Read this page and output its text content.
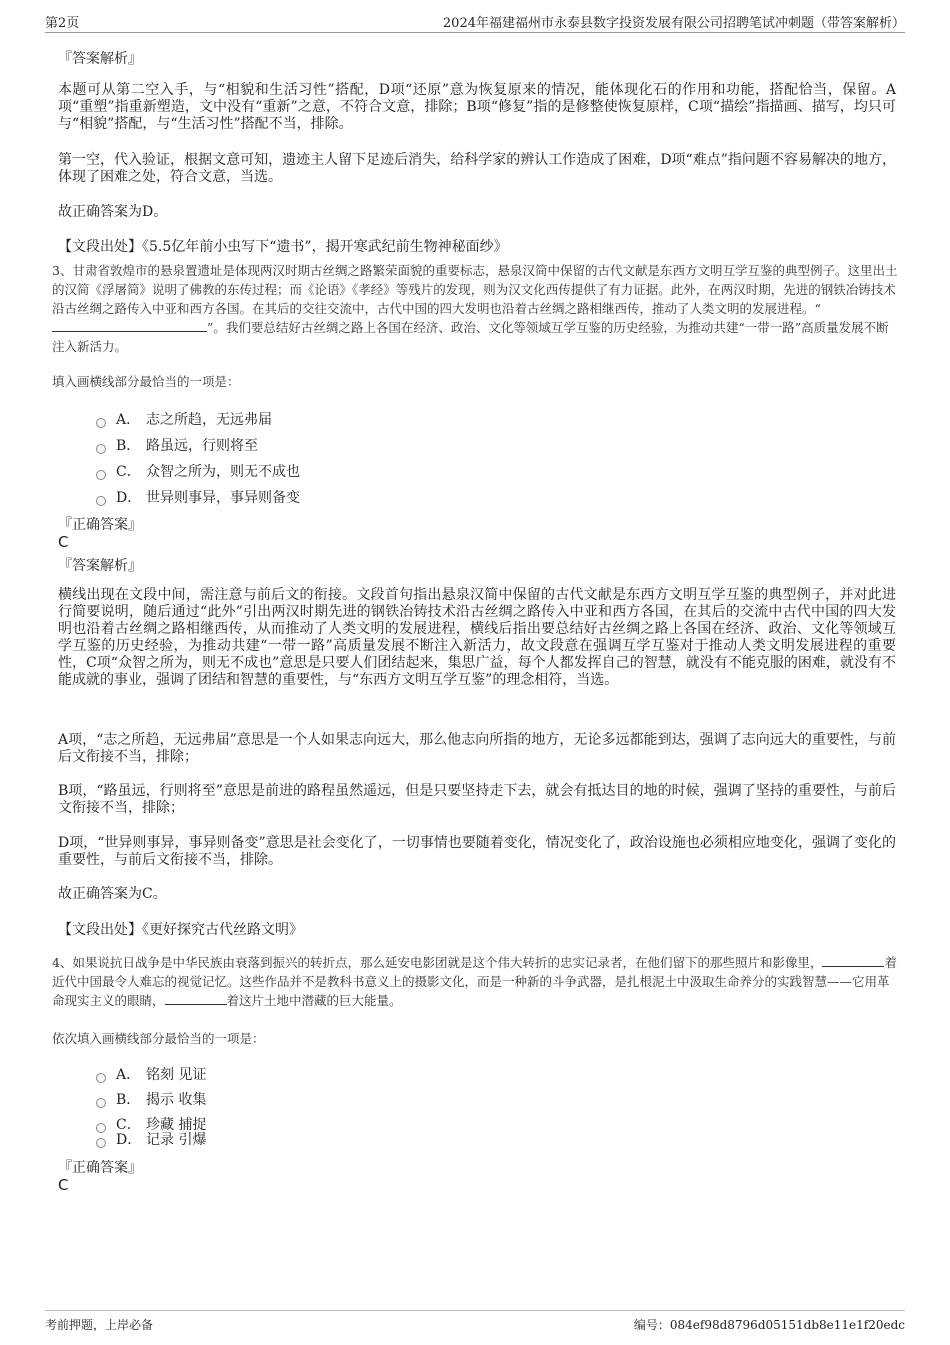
第2页	2024年福建福州市永泰县数字投资发展有限公司招聘笔试冲刺题（带答案解析）
『答案解析』
本题可从第二空入手，与“相貌和生活习性”搭配，D项“还原”意为恢复原来的情况，能体现化石的作用和功能，搭配恰当，保留。A项“重塑”指重新塑造，文中没有“重新”之意，不符合文意，排除；B项“修复”指的是修整使恢复原样，C项“描绘”指描画、描写，均只可与“相貌”搭配，与“生活习性”搭配不当，排除。
第一空，代入验证，根据文意可知，遗迹主人留下足迹后消失，给科学家的辨认工作造成了困难，D项“难点”指问题不容易解决的地方，体现了困难之处，符合文意，当选。
故正确答案为D。
【文段出处】《5.5亿年前小虫写下“遗书”，揭开寒武纪前生物神秘面纱》
3、甘肃省敦煌市的悬泉置遗址是体现两汉时期古丝绸之路繁荣面貌的重要标志，悬泉汉简中保留的古代文献是东西方文明互学互鉴的典型例子。这里出土的汉简《浮屠简》说明了佛教的东传过程；而《论语》《孝经》等残片的发现，则为汉文化西传提供了有力证据。此外，在两汉时期，先进的钢铁冶铸技术沿古丝绸之路传入中亚和西方各国。在其后的交往交流中，古代中国的四大发明也沿着古丝绸之路相继西传，推动了人类文明的发展进程。“”。我们要总结好古丝绸之路上各国在经济、政治、文化等领域互学互鉴的历史经验，为推动共建“一带一路”高质量发展不断注入新活力。
填入画横线部分最恰当的一项是：
A． 志之所趋，无远弗届
B． 路虽远，行则将至
C． 众智之所为，则无不成也
D． 世异则事异，事异则备变
『正确答案』
C
『答案解析』
横线出现在文段中间，需注意与前后文的衔接。文段首句指出悬泉汉简中保留的古代文献是东西方文明互学互鉴的典型例子，并对此进行简要说明，随后通过“此外”引出两汉时期先进的钢铁冶铸技术沿古丝绸之路传入中亚和西方各国，在其后的交流中古代中国的四大发明也沿着古丝绸之路相继西传，从而推动了人类文明的发展进程，横线后指出要总结好古丝绸之路上各国在经济、政治、文化等领域互学互鉴的历史经验，为推动共建“一带一路”高质量发展不断注入新活力，故文段意在强调互学互鉴对于推动人类文明发展进程的重要性，C项“众智之所为，则无不成也”意思是只要人们团结起来，集思广益，每个人都发挥自己的智慧，就没有不能克服的困难，就没有不能成就的事业，强调了团结和智慧的重要性，与“东西方文明互学互鉴”的理念相符，当选。
A项，“志之所趋，无远弗届”意思是一个人如果志向远大，那么他志向所指的地方，无论多远都能到达，强调了志向远大的重要性，与前后文衔接不当，排除；
B项，“路虽远，行则将至”意思是前进的路程虽然遥远，但是只要坚持走下去，就会有抵达目的地的时候，强调了坚持的重要性，与前后文衔接不当，排除；
D项，“世异则事异，事异则备变”意思是社会变化了，一切事情也要随着变化，情况变化了，政治设施也必须相应地变化，强调了变化的重要性，与前后文衔接不当，排除。
故正确答案为C。
【文段出处】《更好探究古代丝路文明》
4、如果说抗日战争是中华民族由衰落到振兴的转折点，那么延安电影团就是这个伟大转折的忠实记录者，在他们留下的那些照片和影像里，	着近代中国最令人难忘的视觉记忆。这些作品并不是教科书意义上的摄影文化，而是一种新的斗争武器，是扎根泥土中汲取生命养分的实践智慧——它用革命现实主义的眼睛，	着这片土地中潜藏的巨大能量。
依次填入画横线部分最恰当的一项是：
A． 铭刻 见证
B． 揭示 收集
C． 珍藏 捕捉
D． 记录 引爆
『正确答案』
C
考前押题，上岸必备	编号：084ef98d8796d05151db8e11e1f20edc
